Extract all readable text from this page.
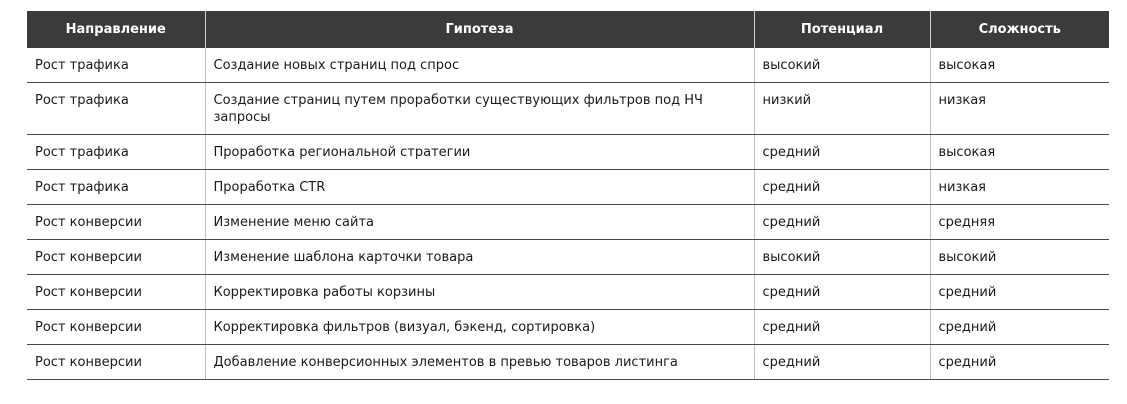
Направление	Гипотеза	Потенциал	Сложность
Рост трафика	Создание новых страниц под спрос	высокий	высокая
Рост трафика	Создание страниц путем проработки существующих фильтров под НЧ запросы	низкий	низкая
Рост трафика	Проработка региональной стратегии	средний	высокая
Рост трафика	Проработка CTR	средний	низкая
Рост конверсии	Изменение меню сайта	средний	средняя
Рост конверсии	Изменение шаблона карточки товара	высокий	высокий
Рост конверсии	Корректировка работы корзины	средний	средний
Рост конверсии	Корректировка фильтров (визуал, бэкенд, сортировка)	средний	средний
Рост конверсии	Добавление конверсионных элементов в превью товаров листинга	средний	средний
